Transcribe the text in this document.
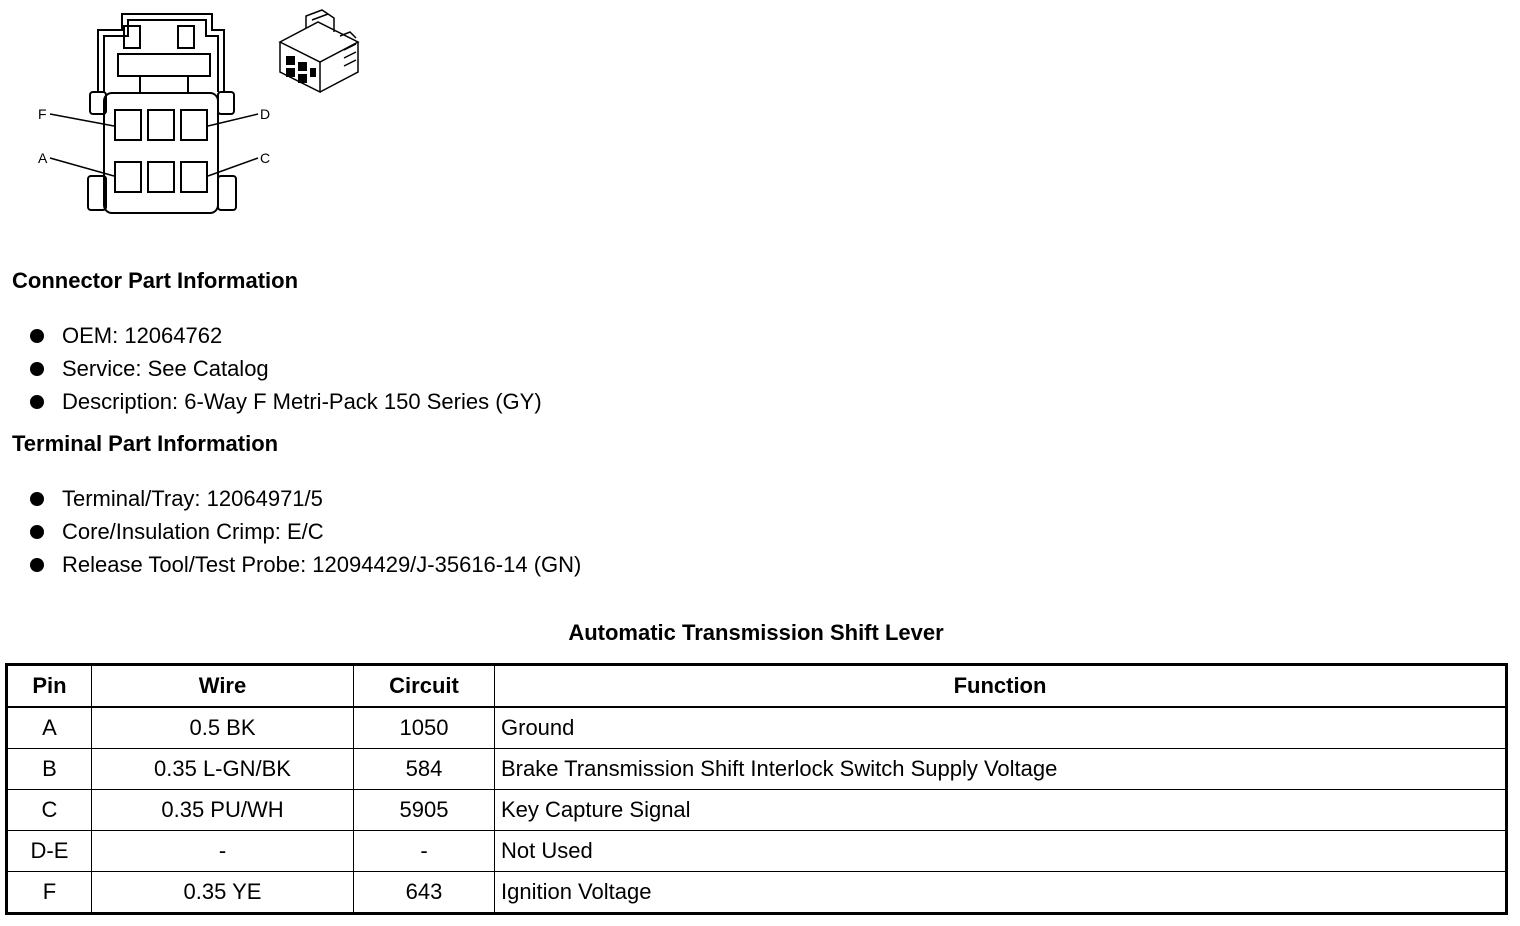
F	D
A	C
Connector Part Information
OEM: 12064762
Service: See Catalog
Description: 6-Way F Metri-Pack 150 Series (GY)
Terminal Part Information
Terminal/Tray: 12064971/5
Core/Insulation Crimp: E/C
Release Tool/Test Probe: 12094429/J-35616-14 (GN)
Automatic Transmission Shift Lever
Pin	Wire	Circuit	Function
A	0.5 BK	1050	Ground
B	0.35 L-GN/BK	584	Brake Transmission Shift Interlock Switch Supply Voltage
C	0.35 PU/WH	5905	Key Capture Signal
D-E	-	-	Not Used
F	0.35 YE	643	Ignition Voltage
